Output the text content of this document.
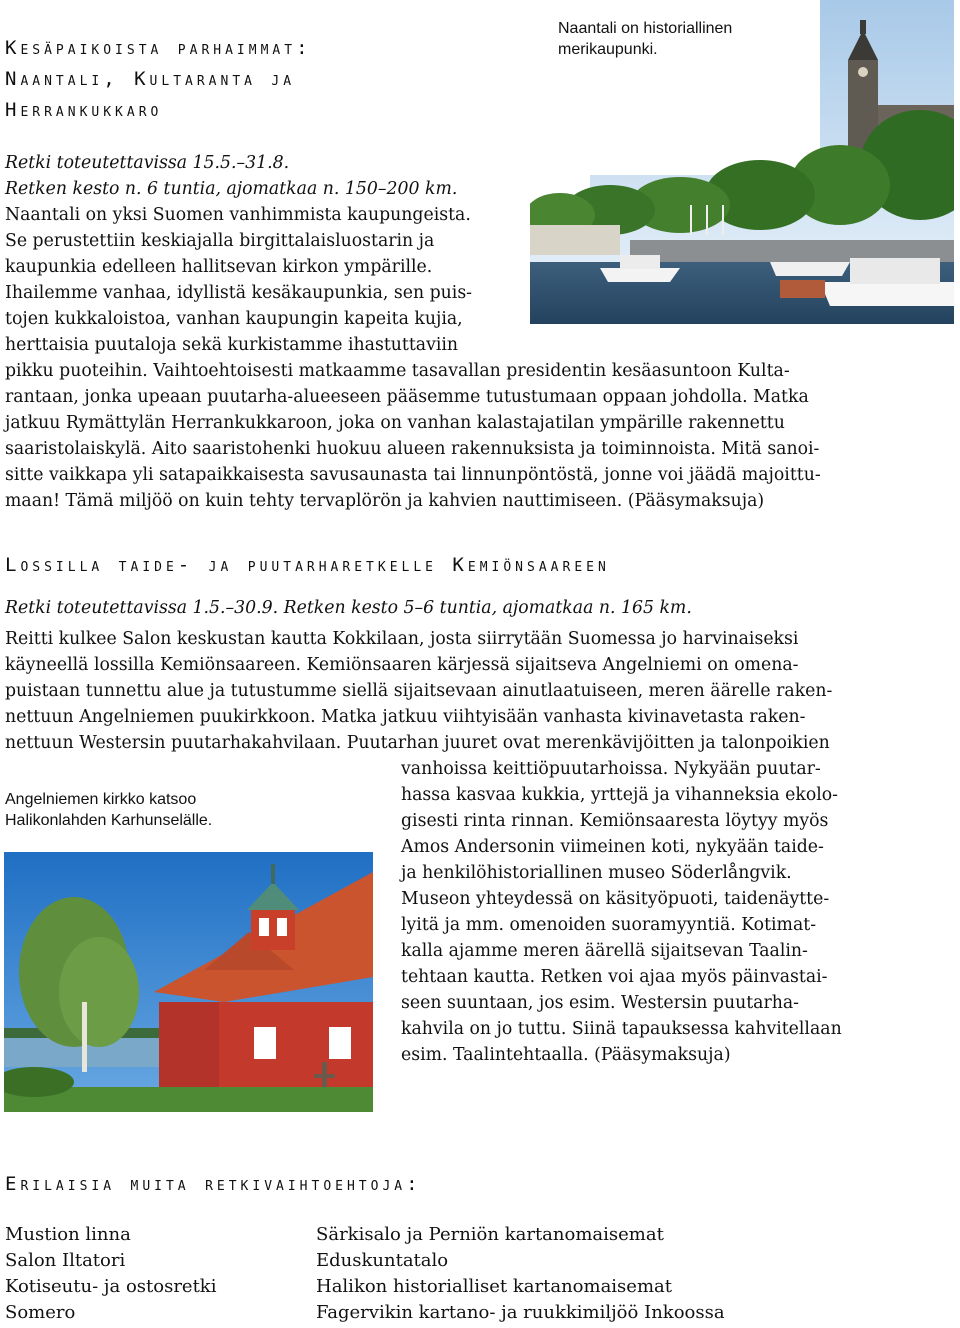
Kesäpaikoista parhaimmat:
Naantali, Kultaranta ja
Herrankukkaro
Naantali on historiallinen
merikaupunki.
Retki toteutettavissa 15.5.–31.8.
Retken kesto n. 6 tuntia, ajomatkaa n. 150–200 km.
Naantali on yksi Suomen vanhimmista kaupungeista.
Se perustettiin keskiajalla birgittalaisluostarin ja
kaupunkia edelleen hallitsevan kirkon ympärille.
Ihailemme vanhaa, idyllistä kesäkaupunkia, sen puis-
tojen kukkaloistoa, vanhan kaupungin kapeita kujia,
herttaisia puutaloja sekä kurkistamme ihastuttaviin
pikku puoteihin. Vaihtoehtoisesti matkaamme tasavallan presidentin kesäasuntoon Kulta-
rantaan, jonka upeaan puutarha-alueeseen pääsemme tutustumaan oppaan johdolla. Matka
jatkuu Rymättylän Herrankukkaroon, joka on vanhan kalastajatilan ympärille rakennettu
saaristolaiskylä. Aito saaristohenki huokuu alueen rakennuksista ja toiminnoista. Mitä sanoi-
sitte vaikkapa yli satapaikkaisesta savusaunasta tai linnunpöntöstä, jonne voi jäädä majoittu-
maan! Tämä miljöö on kuin tehty tervaplörön ja kahvien nauttimiseen. (Pääsymaksuja)
Lossilla taide- ja puutarharetkelle Kemiönsaareen
Retki toteutettavissa 1.5.–30.9. Retken kesto 5–6 tuntia, ajomatkaa n. 165 km.
Reitti kulkee Salon keskustan kautta Kokkilaan, josta siirrytään Suomessa jo harvinaiseksi
käyneellä lossilla Kemiönsaareen. Kemiönsaaren kärjessä sijaitseva Angelniemi on omena-
puistaan tunnettu alue ja tutustumme siellä sijaitsevaan ainutlaatuiseen, meren äärelle raken-
nettuun Angelniemen puukirkkoon. Matka jatkuu viihtyisään vanhasta kivinavetasta raken-
nettuun Westersin puutarhakahvilaan. Puutarhan juuret ovat merenkävijöitten ja talonpoikien
vanhoissa keittiöpuutarhoissa. Nykyään puutar-
hassa kasvaa kukkia, yrttejä ja vihanneksia ekolo-
gisesti rinta rinnan. Kemiönsaaresta löytyy myös
Amos Andersonin viimeinen koti, nykyään taide-
ja henkilöhistoriallinen museo Söderlångvik.
Museon yhteydessä on käsityöpuoti, taidenäytte-
lyitä ja mm. omenoiden suoramyyntiä. Kotimat-
kalla ajamme meren äärellä sijaitsevan Taalin-
tehtaan kautta. Retken voi ajaa myös päinvastai-
seen suuntaan, jos esim. Westersin puutarha-
kahvila on jo tuttu. Siinä tapauksessa kahvitellaan
esim. Taalintehtaalla. (Pääsymaksuja)
Angelniemen kirkko katsoo
Halikonlahden Karhunselälle.
Erilaisia muita retkivaihtoehtoja:
Mustion linna
Salon Iltatori
Kotiseutu- ja ostosretki
Somero
Särkisalo ja Perniön kartanomaisemat
Eduskuntatalo
Halikon historialliset kartanomaisemat
Fagervikin kartano- ja ruukkimiljöö Inkoossa
